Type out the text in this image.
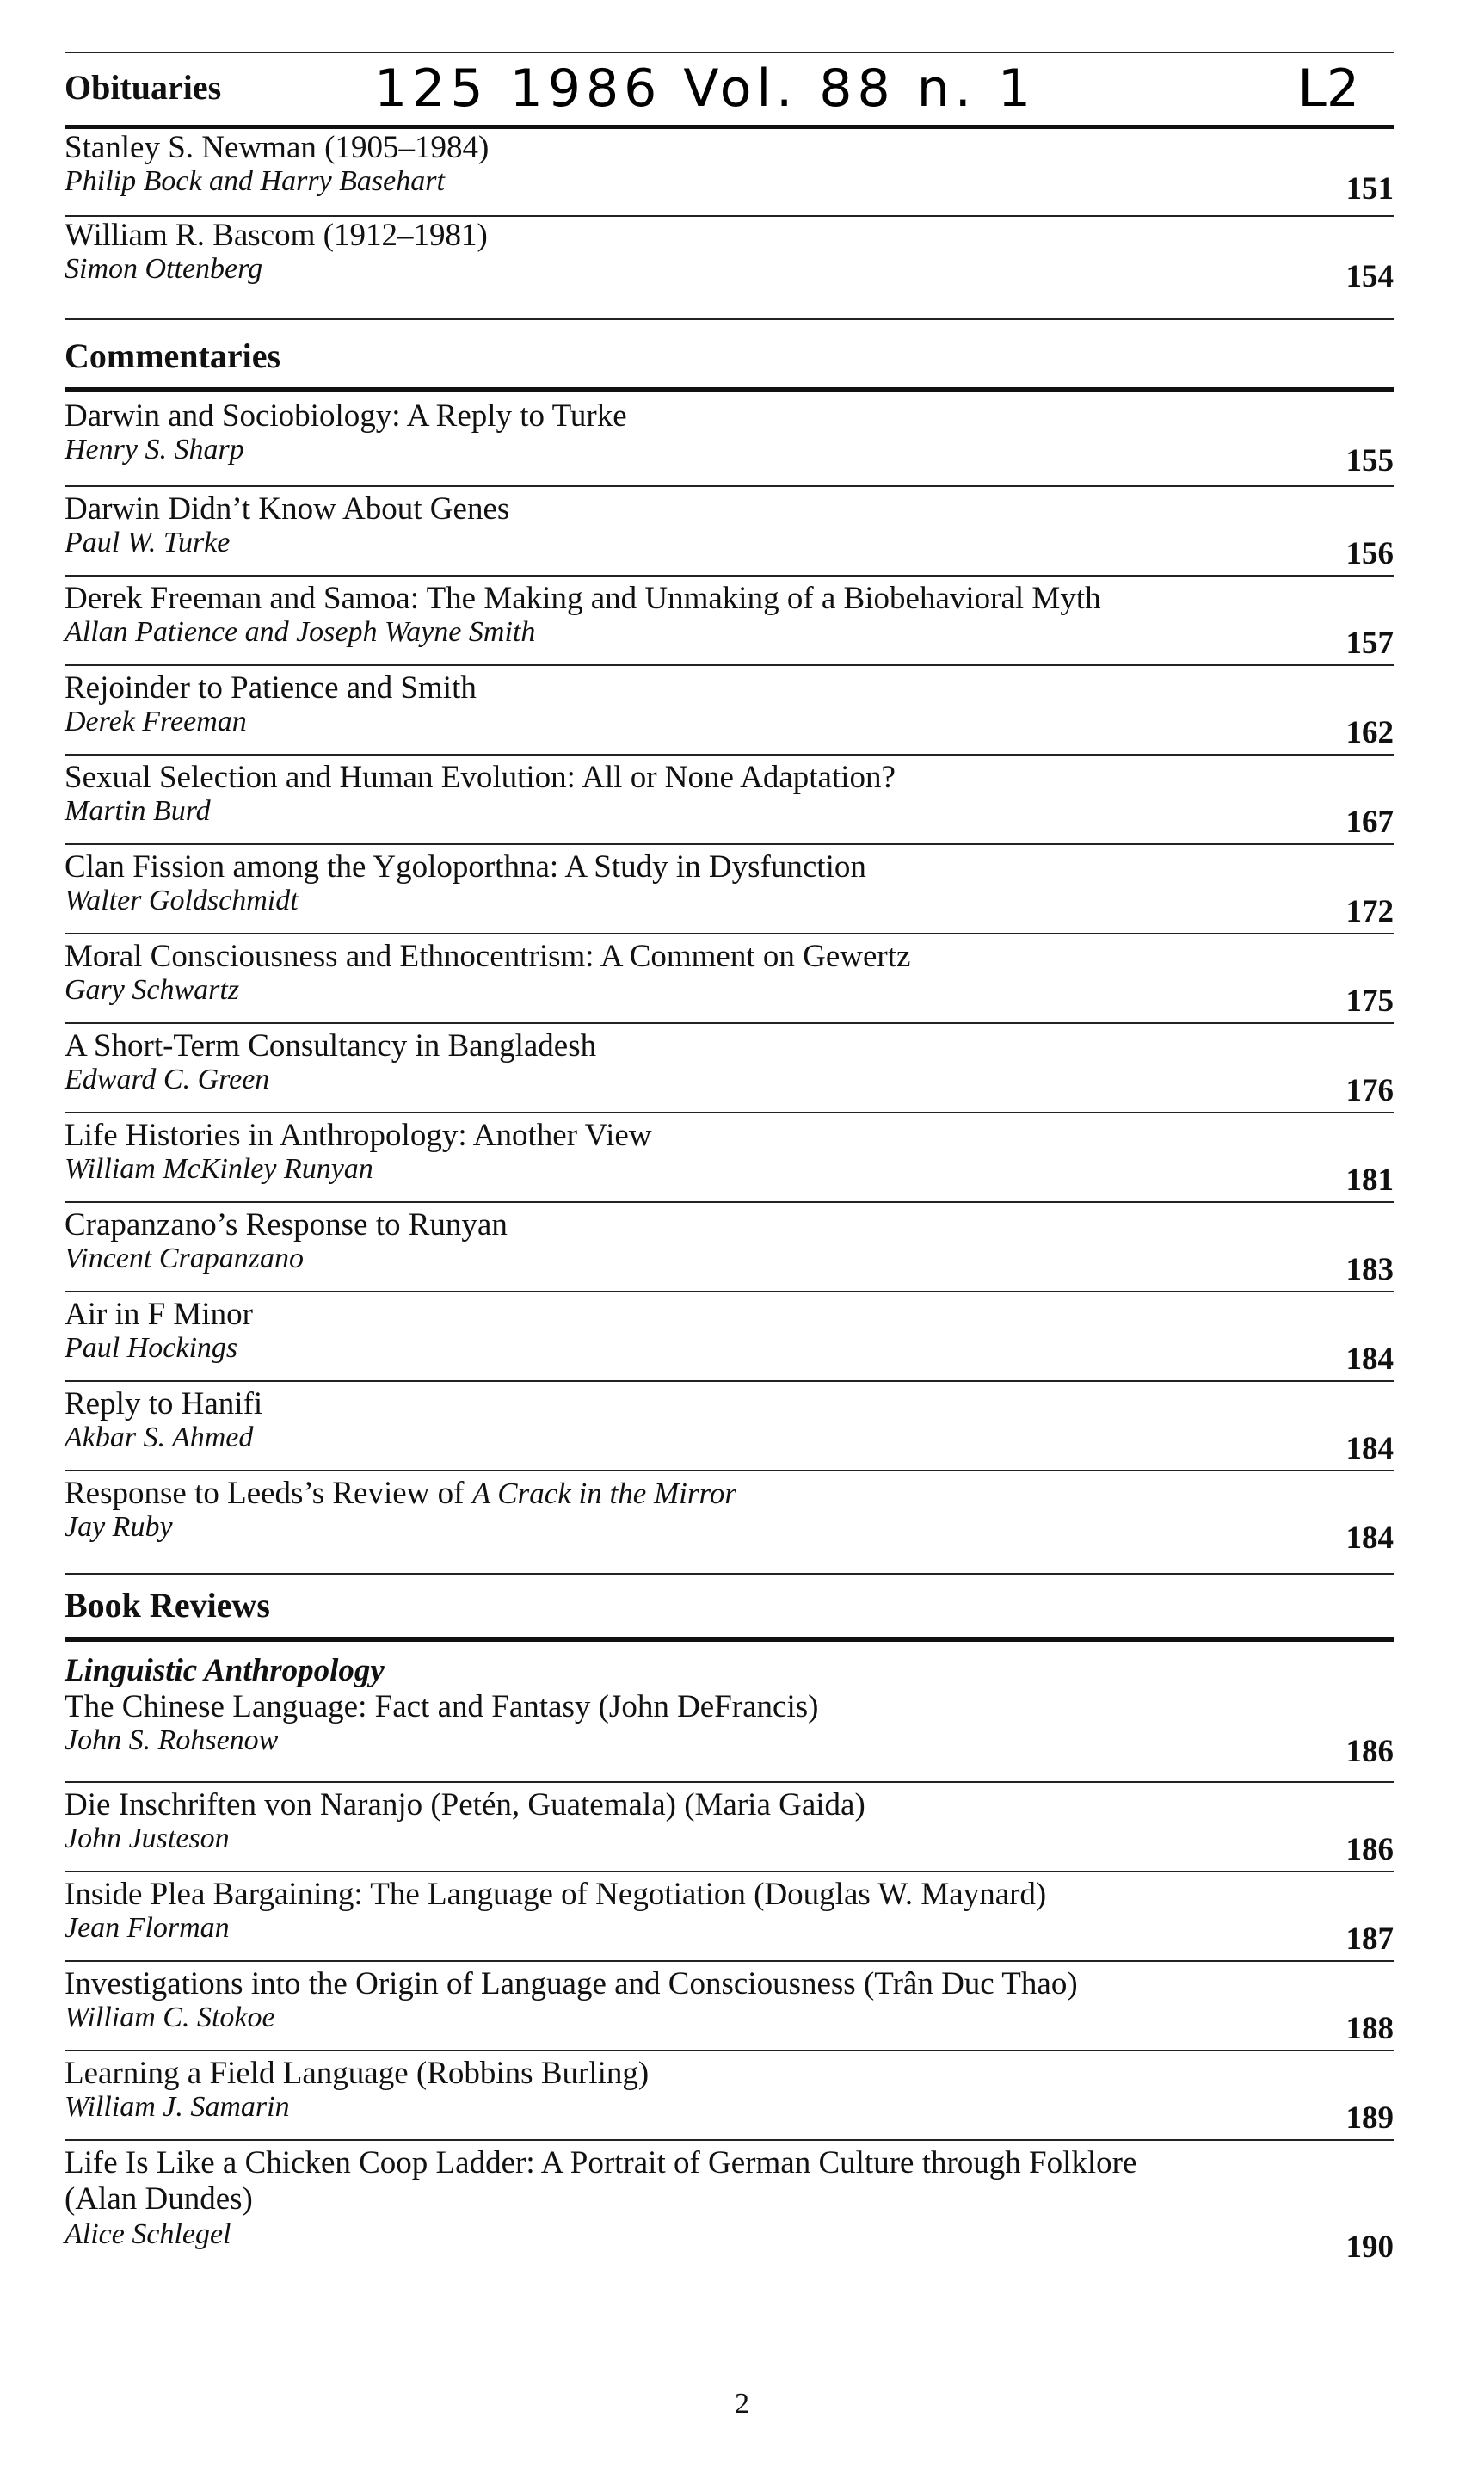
Obituaries	125 1986 Vol. 88 n. 1	L2
Stanley S. Newman (1905–1984)
Philip Bock and Harry Basehart	151
William R. Bascom (1912–1981)
Simon Ottenberg	154
Commentaries
Darwin and Sociobiology: A Reply to Turke
Henry S. Sharp	155
Darwin Didn’t Know About Genes
Paul W. Turke	156
Derek Freeman and Samoa: The Making and Unmaking of a Biobehavioral Myth
Allan Patience and Joseph Wayne Smith	157
Rejoinder to Patience and Smith
Derek Freeman	162
Sexual Selection and Human Evolution: All or None Adaptation?
Martin Burd	167
Clan Fission among the Ygoloporthna: A Study in Dysfunction
Walter Goldschmidt	172
Moral Consciousness and Ethnocentrism: A Comment on Gewertz
Gary Schwartz	175
A Short-Term Consultancy in Bangladesh
Edward C. Green	176
Life Histories in Anthropology: Another View
William McKinley Runyan	181
Crapanzano’s Response to Runyan
Vincent Crapanzano	183
Air in F Minor
Paul Hockings	184
Reply to Hanifi
Akbar S. Ahmed	184
Response to Leeds’s Review of A Crack in the Mirror
Jay Ruby	184
Book Reviews
Linguistic Anthropology
The Chinese Language: Fact and Fantasy (John DeFrancis)
John S. Rohsenow	186
Die Inschriften von Naranjo (Petén, Guatemala) (Maria Gaida)
John Justeson	186
Inside Plea Bargaining: The Language of Negotiation (Douglas W. Maynard)
Jean Florman	187
Investigations into the Origin of Language and Consciousness (Trân Duc Thao)
William C. Stokoe	188
Learning a Field Language (Robbins Burling)
William J. Samarin	189
Life Is Like a Chicken Coop Ladder: A Portrait of German Culture through Folklore
(Alan Dundes)
Alice Schlegel	190
2
